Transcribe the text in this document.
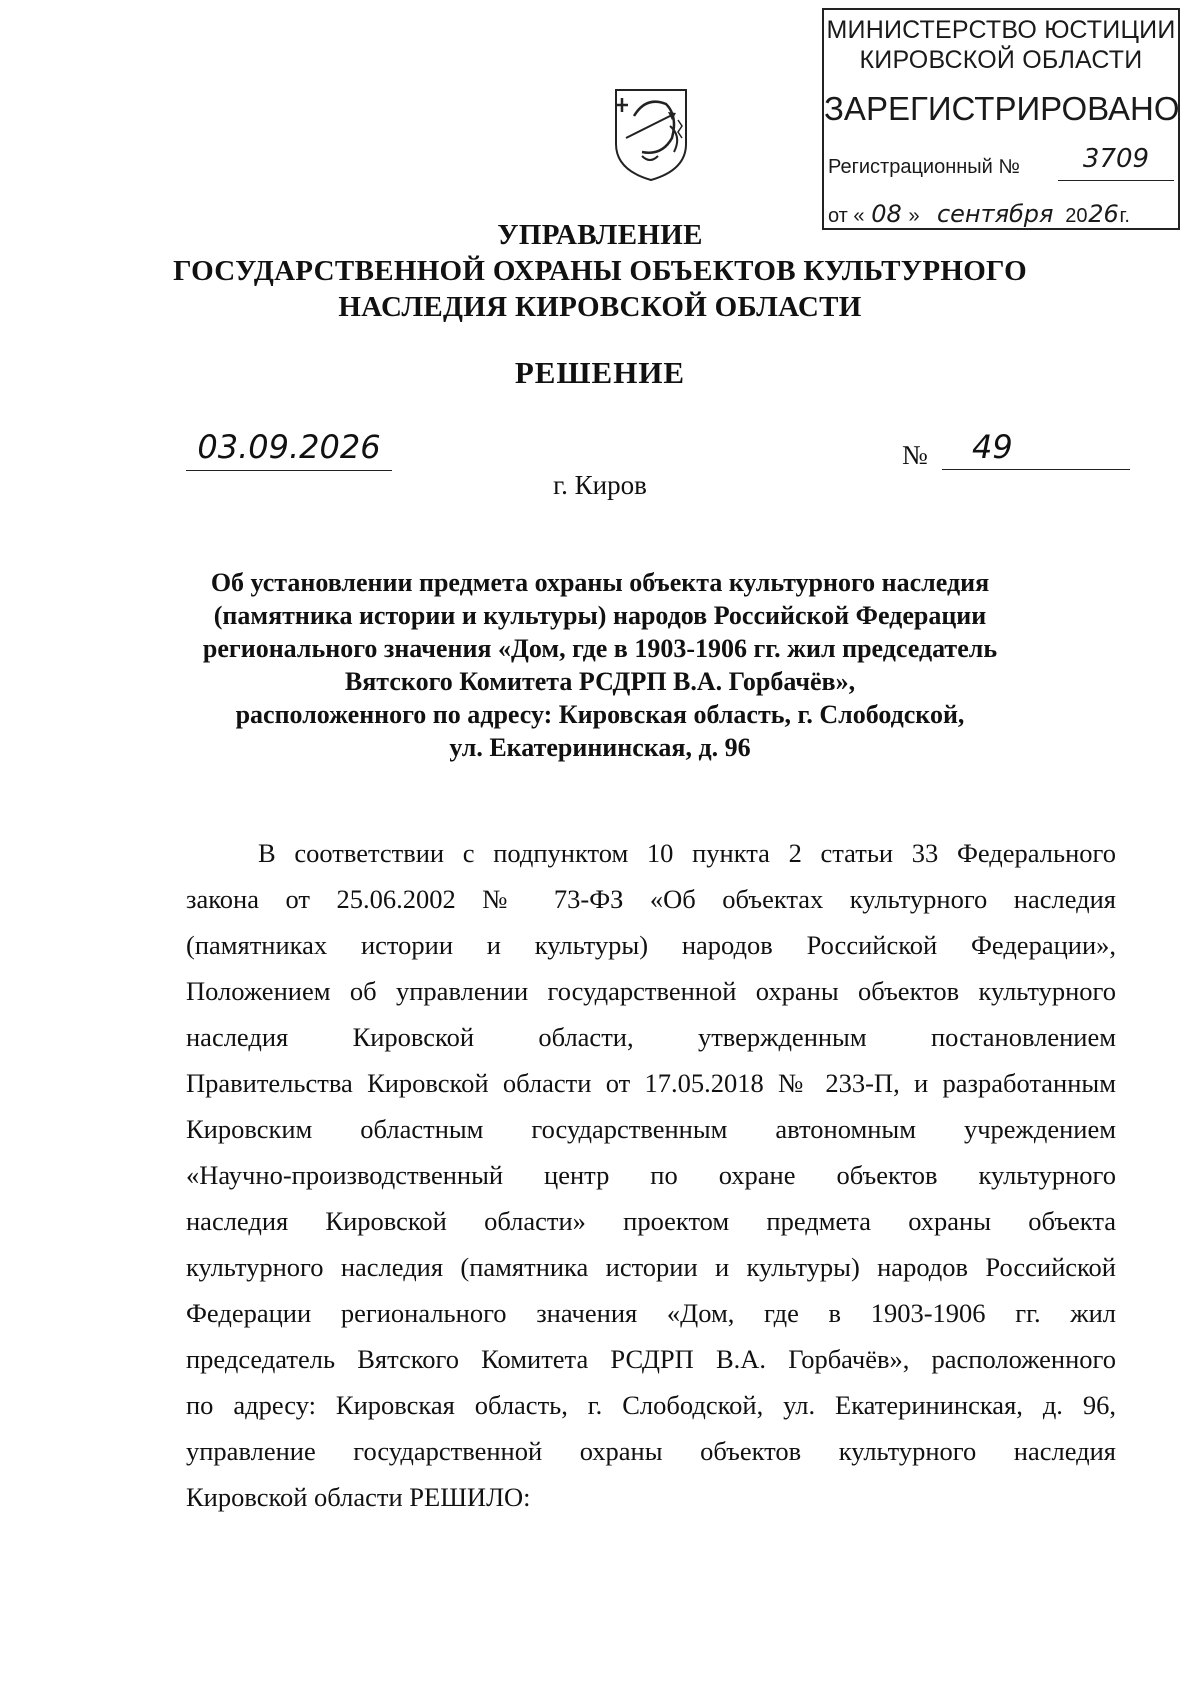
МИНИСТЕРСТВО ЮСТИЦИИ
КИРОВСКОЙ ОБЛАСТИ
ЗАРЕГИСТРИРОВАНО
Регистрационный №	3709
от « 08 » сентября 2026г.
УПРАВЛЕНИЕ
ГОСУДАРСТВЕННОЙ ОХРАНЫ ОБЪЕКТОВ КУЛЬТУРНОГО
НАСЛЕДИЯ КИРОВСКОЙ ОБЛАСТИ
РЕШЕНИЕ
03.09.2026	№	49
г. Киров
Об установлении предмета охраны объекта культурного наследия
(памятника истории и культуры) народов Российской Федерации
регионального значения «Дом, где в 1903-1906 гг. жил председатель
Вятского Комитета РСДРП В.А. Горбачёв»,
расположенного по адресу: Кировская область, г. Слободской,
ул. Екатерининская, д. 96
В соответствии с подпунктом 10 пункта 2 статьи 33 Федерального
закона от 25.06.2002 № 73-ФЗ «Об объектах культурного наследия
(памятниках истории и культуры) народов Российской Федерации»,
Положением об управлении государственной охраны объектов культурного
наследия Кировской области, утвержденным постановлением
Правительства Кировской области от 17.05.2018 № 233-П, и разработанным
Кировским областным государственным автономным учреждением
«Научно-производственный центр по охране объектов культурного
наследия Кировской области» проектом предмета охраны объекта
культурного наследия (памятника истории и культуры) народов Российской
Федерации регионального значения «Дом, где в 1903-1906 гг. жил
председатель Вятского Комитета РСДРП В.А. Горбачёв», расположенного
по адресу: Кировская область, г. Слободской, ул. Екатерининская, д. 96,
управление государственной охраны объектов культурного наследия
Кировской области РЕШИЛО:
